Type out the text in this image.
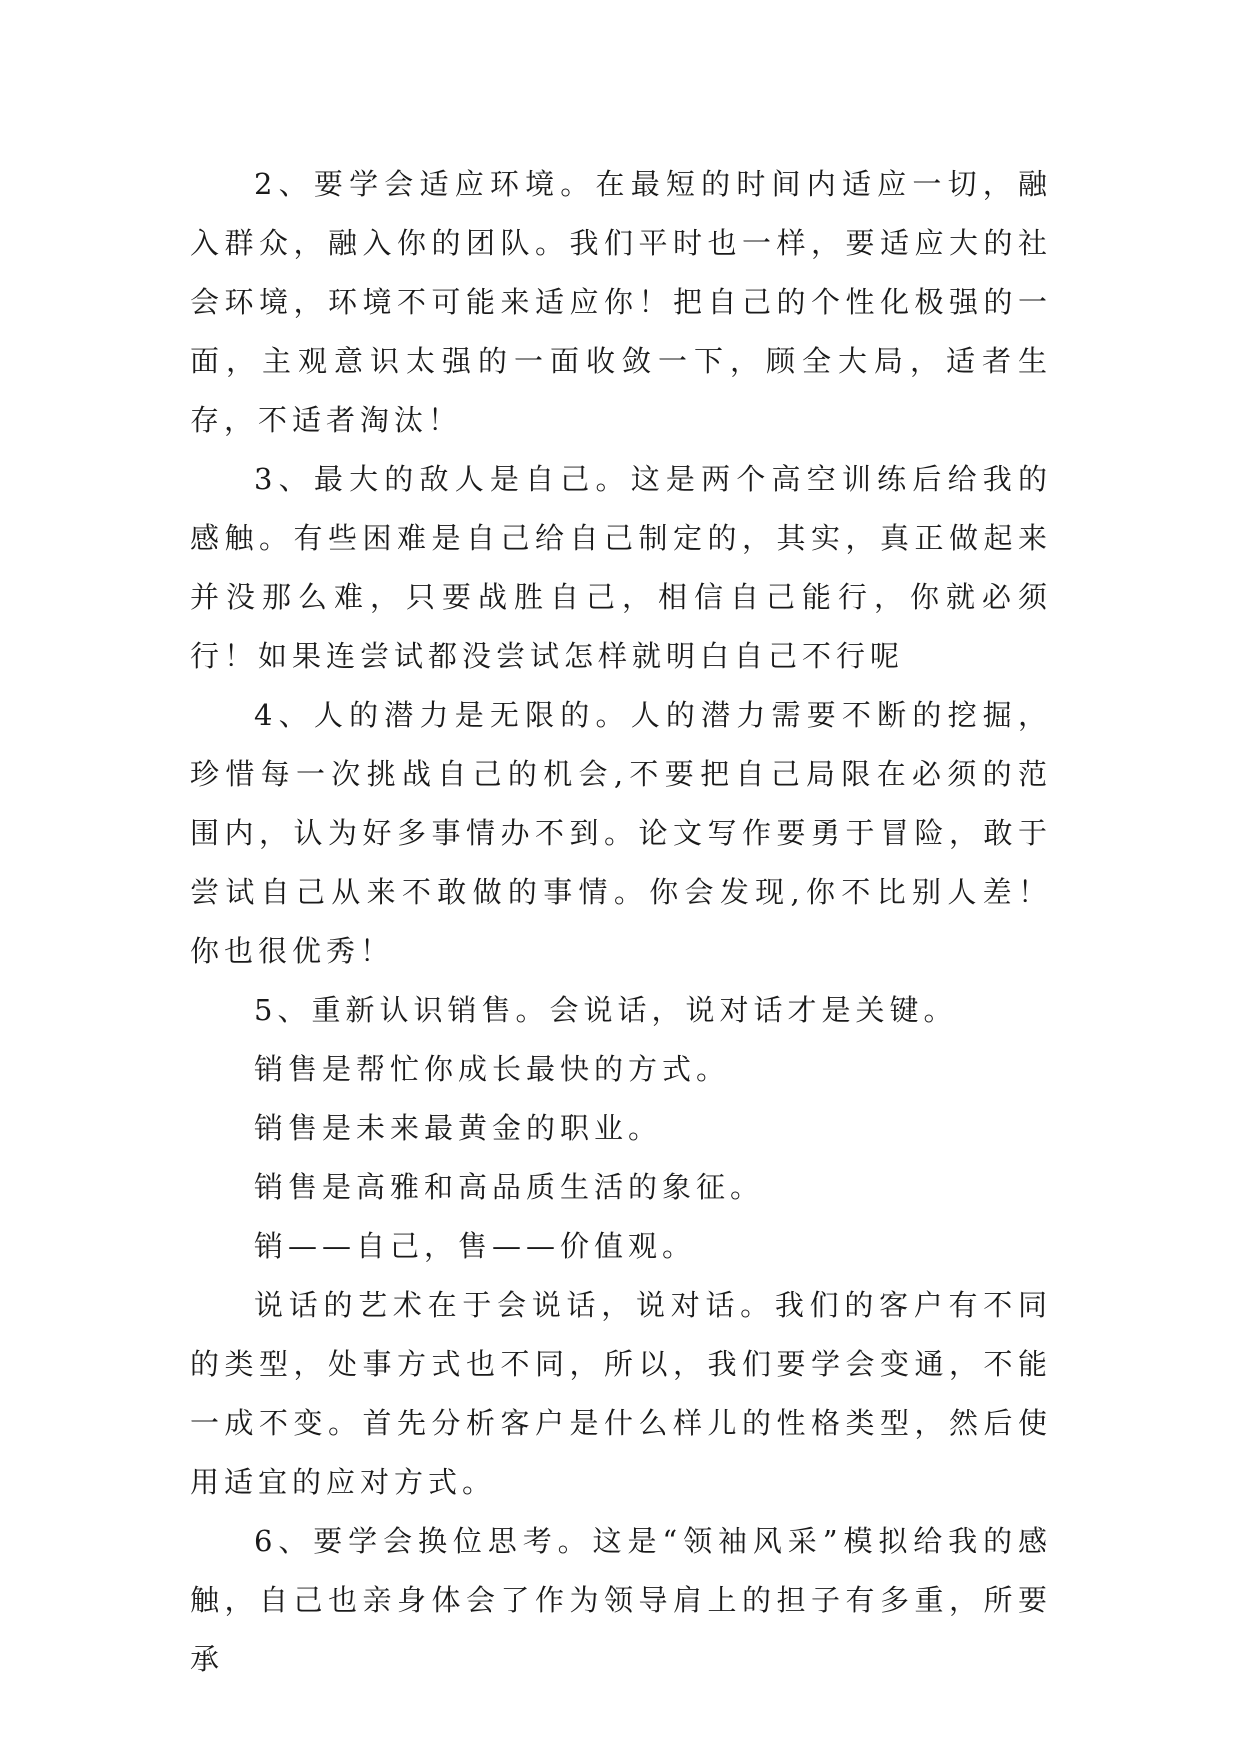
2、要学会适应环境。在最短的时间内适应一切，融入群众，融入你的团队。我们平时也一样，要适应大的社会环境，环境不可能来适应你！把自己的个性化极强的一面，主观意识太强的一面收敛一下，顾全大局，适者生存，不适者淘汰！

3、最大的敌人是自己。这是两个高空训练后给我的感触。有些困难是自己给自己制定的，其实，真正做起来并没那么难，只要战胜自己，相信自己能行，你就必须行！如果连尝试都没尝试怎样就明白自己不行呢

4、人的潜力是无限的。人的潜力需要不断的挖掘，珍惜每一次挑战自己的机会,不要把自己局限在必须的范围内，认为好多事情办不到。论文写作要勇于冒险，敢于尝试自己从来不敢做的事情。你会发现,你不比别人差！你也很优秀！

5、重新认识销售。会说话，说对话才是关键。

销售是帮忙你成长最快的方式。

销售是未来最黄金的职业。

销售是高雅和高品质生活的象征。

销——自己，售——价值观。

说话的艺术在于会说话，说对话。我们的客户有不同的类型，处事方式也不同，所以，我们要学会变通，不能一成不变。首先分析客户是什么样儿的性格类型，然后使用适宜的应对方式。

6、要学会换位思考。这是“领袖风采”模拟给我的感触，自己也亲身体会了作为领导肩上的担子有多重，所要承
